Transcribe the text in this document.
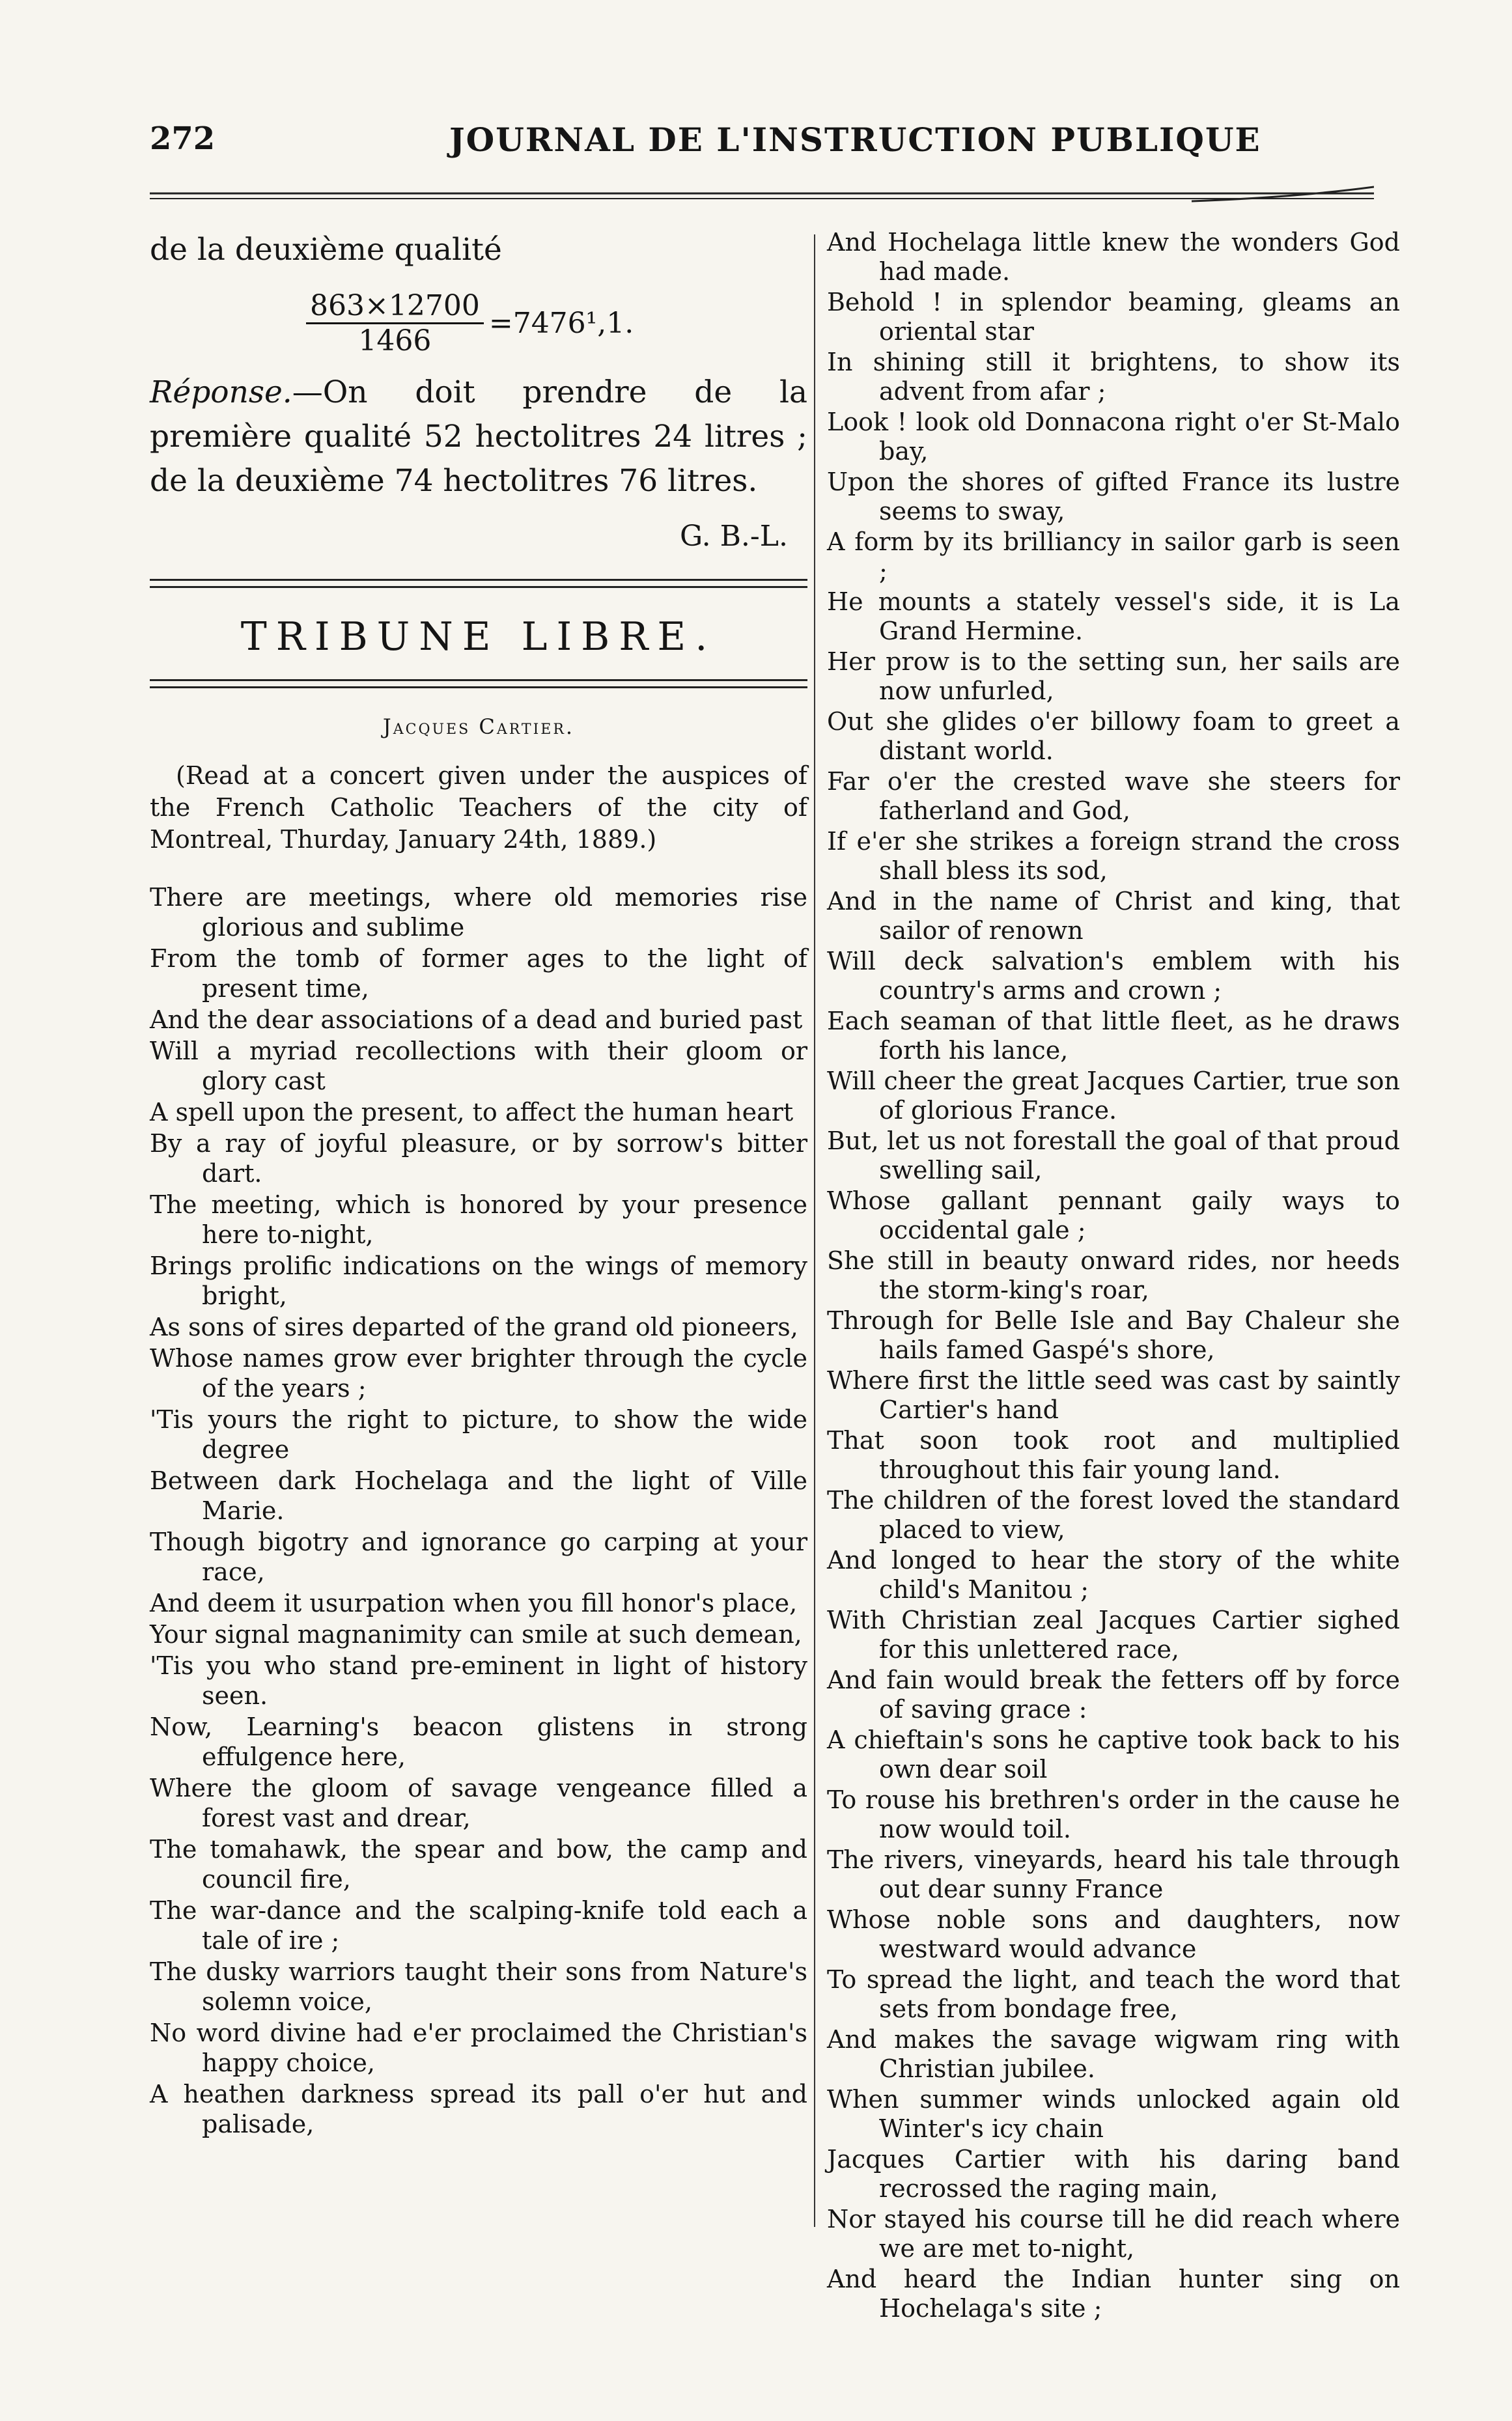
272	JOURNAL DE L'INSTRUCTION PUBLIQUE
de la deuxième qualité
$\frac{863\times 12700}{1466} =7476^1,1$.
Réponse.—On doit prendre de la première qualité 52 hectolitres 24 litres ; de la deuxième 74 hectolitres 76 litres.
G. B.-L.
TRIBUNE LIBRE.
Jacques Cartier.
(Read at a concert given under the auspices of the French Catholic Teachers of the city of Montreal, Thurday, January 24th, 1889.)
There are meetings, where old memories rise glorious and sublime
From the tomb of former ages to the light of present time,
And the dear associations of a dead and buried past
Will a myriad recollections with their gloom or glory cast
A spell upon the present, to affect the human heart
By a ray of joyful pleasure, or by sorrow's bitter dart.
The meeting, which is honored by your presence here to-night,
Brings prolific indications on the wings of memory bright,
As sons of sires departed of the grand old pioneers,
Whose names grow ever brighter through the cycle of the years ;
'Tis yours the right to picture, to show the wide degree
Between dark Hochelaga and the light of Ville Marie.
Though bigotry and ignorance go carping at your race,
And deem it usurpation when you fill honor's place,
Your signal magnanimity can smile at such demean,
'Tis you who stand pre-eminent in light of history seen.
Now, Learning's beacon glistens in strong effulgence here,
Where the gloom of savage vengeance filled a forest vast and drear,
The tomahawk, the spear and bow, the camp and council fire,
The war-dance and the scalping-knife told each a tale of ire ;
The dusky warriors taught their sons from Nature's solemn voice,
No word divine had e'er proclaimed the Christian's happy choice,
A heathen darkness spread its pall o'er hut and palisade,
And Hochelaga little knew the wonders God had made.
Behold ! in splendor beaming, gleams an oriental star
In shining still it brightens, to show its advent from afar ;
Look ! look old Donnacona right o'er St-Malo bay,
Upon the shores of gifted France its lustre seems to sway,
A form by its brilliancy in sailor garb is seen ;
He mounts a stately vessel's side, it is La Grand Hermine.
Her prow is to the setting sun, her sails are now unfurled,
Out she glides o'er billowy foam to greet a distant world.
Far o'er the crested wave she steers for fatherland and God,
If e'er she strikes a foreign strand the cross shall bless its sod,
And in the name of Christ and king, that sailor of renown
Will deck salvation's emblem with his country's arms and crown ;
Each seaman of that little fleet, as he draws forth his lance,
Will cheer the great Jacques Cartier, true son of glorious France.
But, let us not forestall the goal of that proud swelling sail,
Whose gallant pennant gaily ways to occidental gale ;
She still in beauty onward rides, nor heeds the storm-king's roar,
Through for Belle Isle and Bay Chaleur she hails famed Gaspé's shore,
Where first the little seed was cast by saintly Cartier's hand
That soon took root and multiplied throughout this fair young land.
The children of the forest loved the standard placed to view,
And longed to hear the story of the white child's Manitou ;
With Christian zeal Jacques Cartier sighed for this unlettered race,
And fain would break the fetters off by force of saving grace :
A chieftain's sons he captive took back to his own dear soil
To rouse his brethren's order in the cause he now would toil.
The rivers, vineyards, heard his tale through out dear sunny France
Whose noble sons and daughters, now westward would advance
To spread the light, and teach the word that sets from bondage free,
And makes the savage wigwam ring with Christian jubilee.
When summer winds unlocked again old Winter's icy chain
Jacques Cartier with his daring band recrossed the raging main,
Nor stayed his course till he did reach where we are met to-night,
And heard the Indian hunter sing on Hochelaga's site ;
